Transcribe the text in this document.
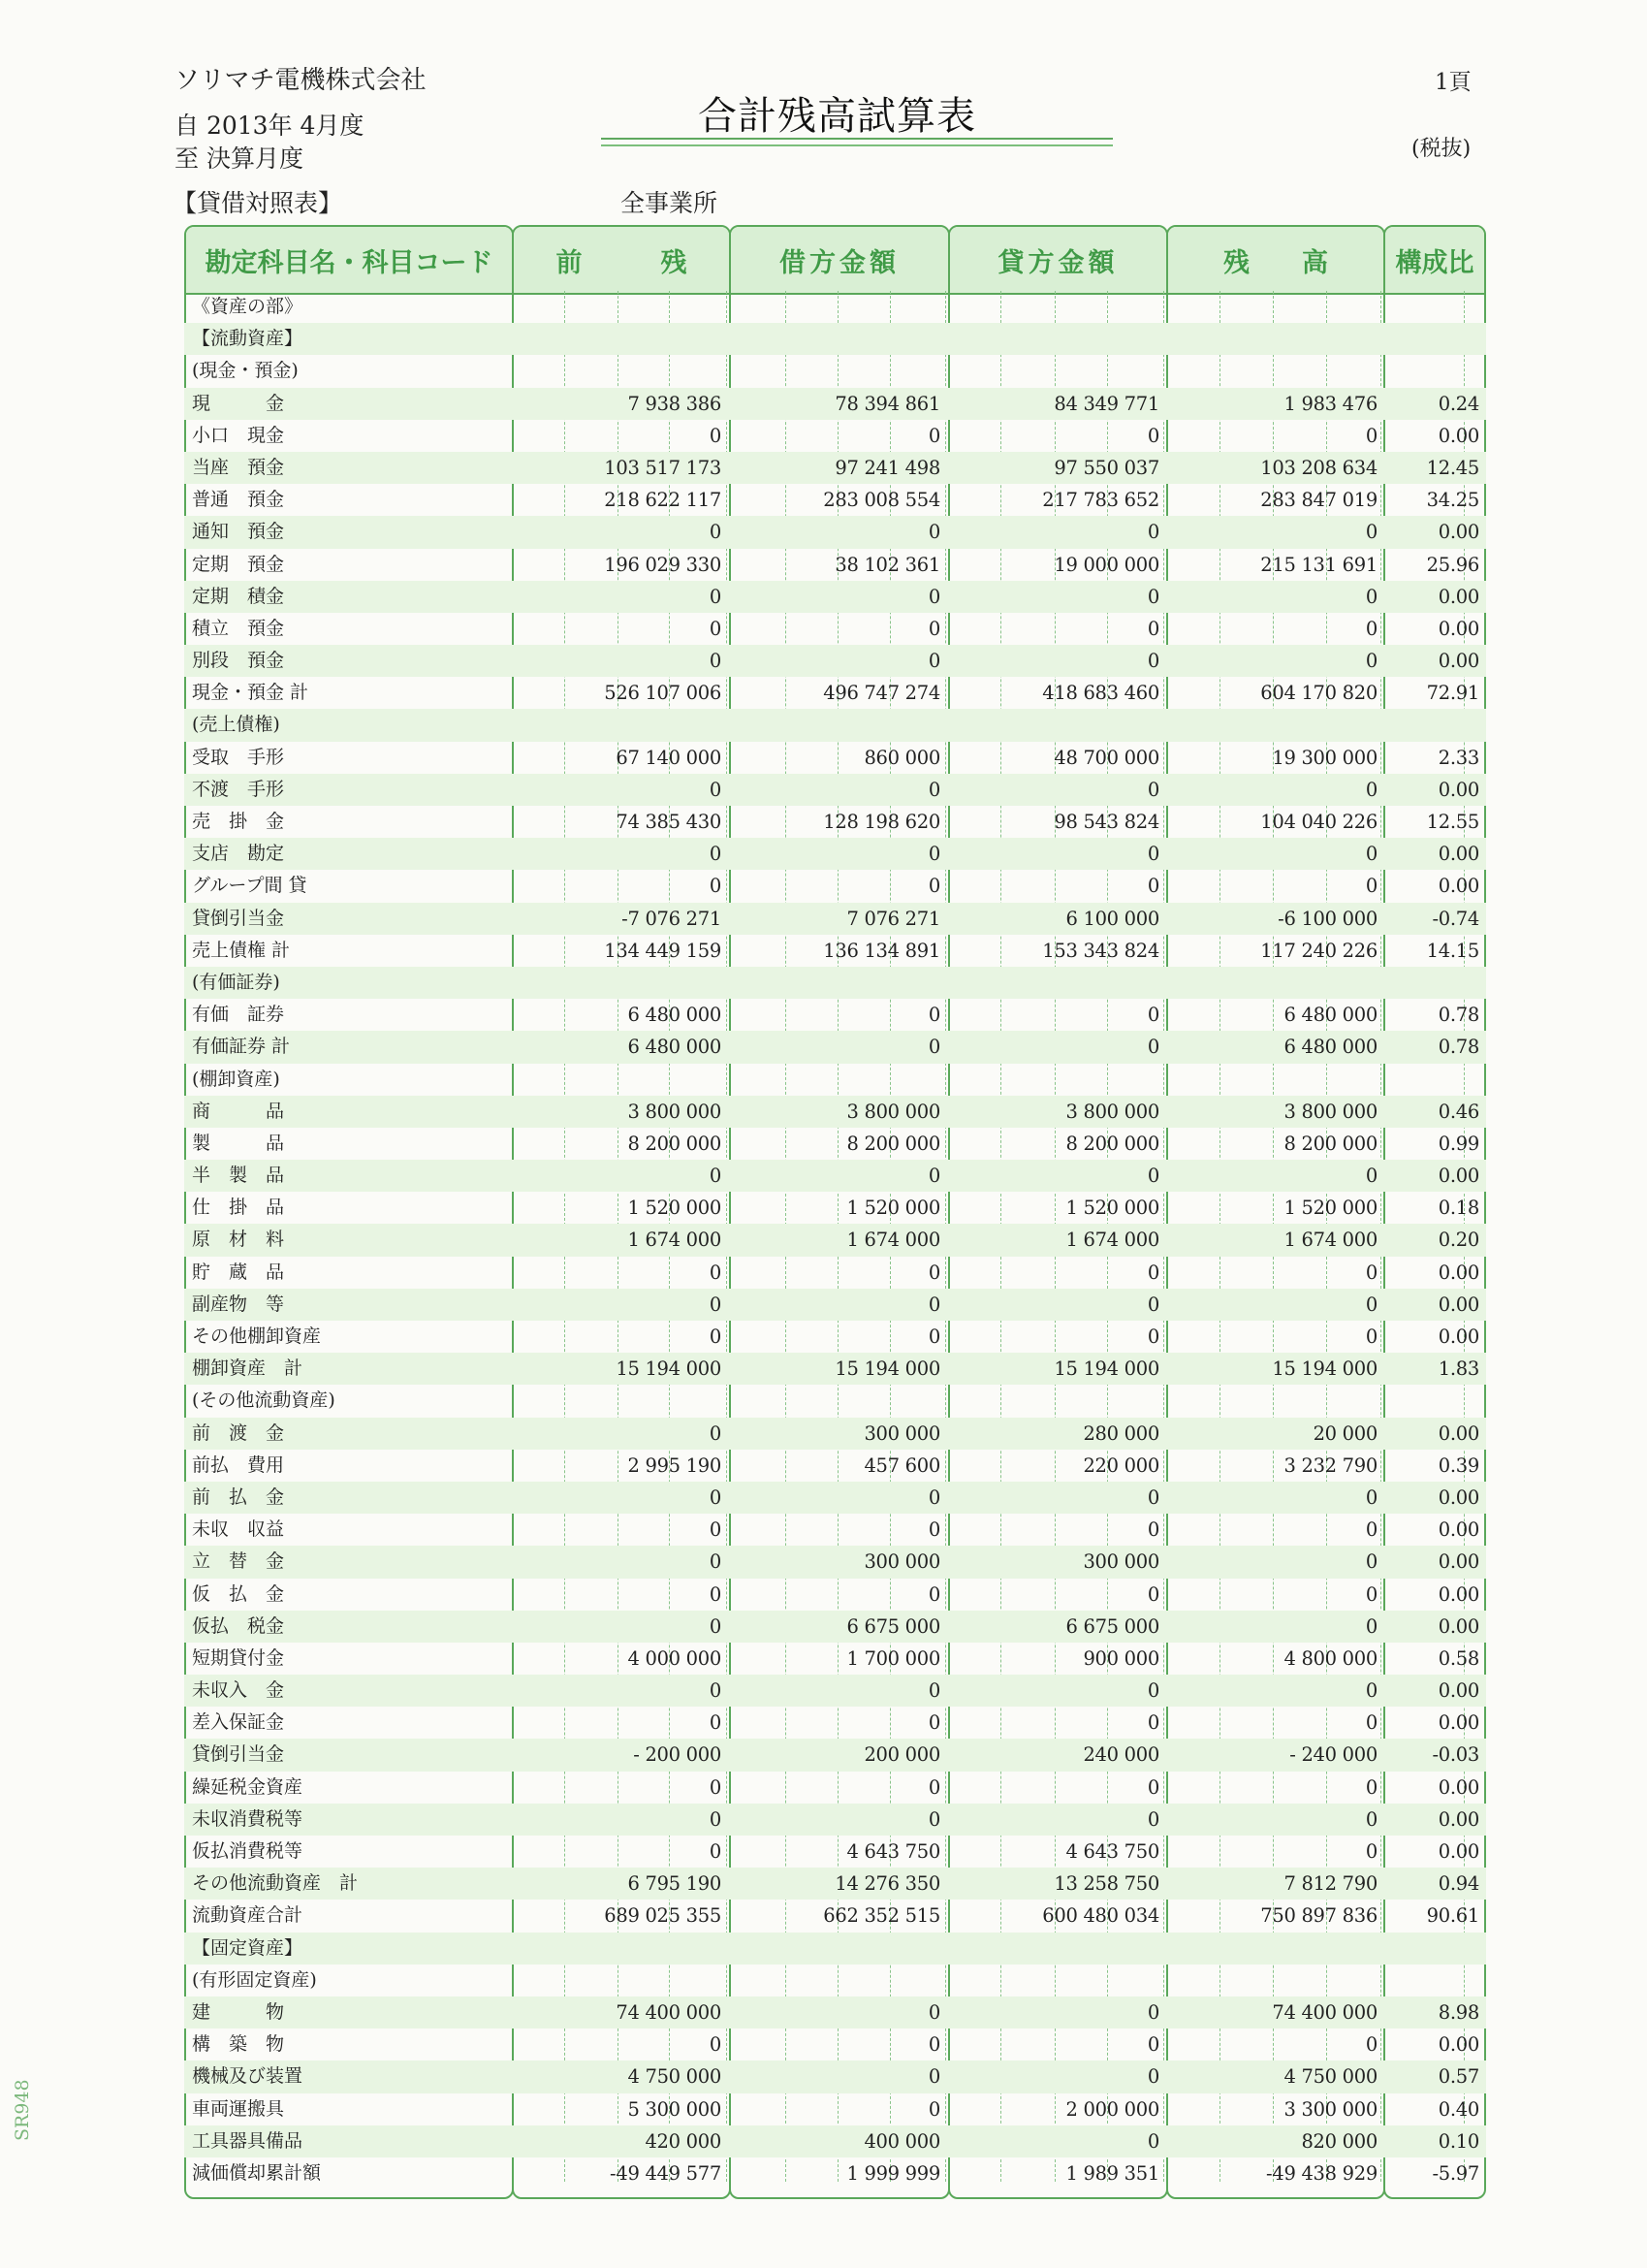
ソリマチ電機株式会社
自 2013年 4月度
至 決算月度
【貸借対照表】	全事業所
合計残高試算表
1頁
(税抜)
SR948
勘定科目名・科目コード	前　　　残	借方金額	貸方金額	残　　高	構成比
《資産の部》
【流動資産】
(現金・預金)
現　　　金	7 938 386	78 394 861	84 349 771	1 983 476	0.24
小口　現金	0	0	0	0	0.00
当座　預金	103 517 173	97 241 498	97 550 037	103 208 634	12.45
普通　預金	218 622 117	283 008 554	217 783 652	283 847 019	34.25
通知　預金	0	0	0	0	0.00
定期　預金	196 029 330	38 102 361	19 000 000	215 131 691	25.96
定期　積金	0	0	0	0	0.00
積立　預金	0	0	0	0	0.00
別段　預金	0	0	0	0	0.00
現金・預金 計	526 107 006	496 747 274	418 683 460	604 170 820	72.91
(売上債権)
受取　手形	67 140 000	860 000	48 700 000	19 300 000	2.33
不渡　手形	0	0	0	0	0.00
売　掛　金	74 385 430	128 198 620	98 543 824	104 040 226	12.55
支店　勘定	0	0	0	0	0.00
グループ間 貸	0	0	0	0	0.00
貸倒引当金	-7 076 271	7 076 271	6 100 000	-6 100 000	-0.74
売上債権 計	134 449 159	136 134 891	153 343 824	117 240 226	14.15
(有価証券)
有価　証券	6 480 000	0	0	6 480 000	0.78
有価証券 計	6 480 000	0	0	6 480 000	0.78
(棚卸資産)
商　　　品	3 800 000	3 800 000	3 800 000	3 800 000	0.46
製　　　品	8 200 000	8 200 000	8 200 000	8 200 000	0.99
半　製　品	0	0	0	0	0.00
仕　掛　品	1 520 000	1 520 000	1 520 000	1 520 000	0.18
原　材　料	1 674 000	1 674 000	1 674 000	1 674 000	0.20
貯　蔵　品	0	0	0	0	0.00
副産物　等	0	0	0	0	0.00
その他棚卸資産	0	0	0	0	0.00
棚卸資産　計	15 194 000	15 194 000	15 194 000	15 194 000	1.83
(その他流動資産)
前　渡　金	0	300 000	280 000	20 000	0.00
前払　費用	2 995 190	457 600	220 000	3 232 790	0.39
前　払　金	0	0	0	0	0.00
未収　収益	0	0	0	0	0.00
立　替　金	0	300 000	300 000	0	0.00
仮　払　金	0	0	0	0	0.00
仮払　税金	0	6 675 000	6 675 000	0	0.00
短期貸付金	4 000 000	1 700 000	900 000	4 800 000	0.58
未収入　金	0	0	0	0	0.00
差入保証金	0	0	0	0	0.00
貸倒引当金	- 200 000	200 000	240 000	- 240 000	-0.03
繰延税金資産	0	0	0	0	0.00
未収消費税等	0	0	0	0	0.00
仮払消費税等	0	4 643 750	4 643 750	0	0.00
その他流動資産　計	6 795 190	14 276 350	13 258 750	7 812 790	0.94
流動資産合計	689 025 355	662 352 515	600 480 034	750 897 836	90.61
【固定資産】
(有形固定資産)
建　　　物	74 400 000	0	0	74 400 000	8.98
構　築　物	0	0	0	0	0.00
機械及び装置	4 750 000	0	0	4 750 000	0.57
車両運搬具	5 300 000	0	2 000 000	3 300 000	0.40
工具器具備品	420 000	400 000	0	820 000	0.10
減価償却累計額	-49 449 577	1 999 999	1 989 351	-49 438 929	-5.97
